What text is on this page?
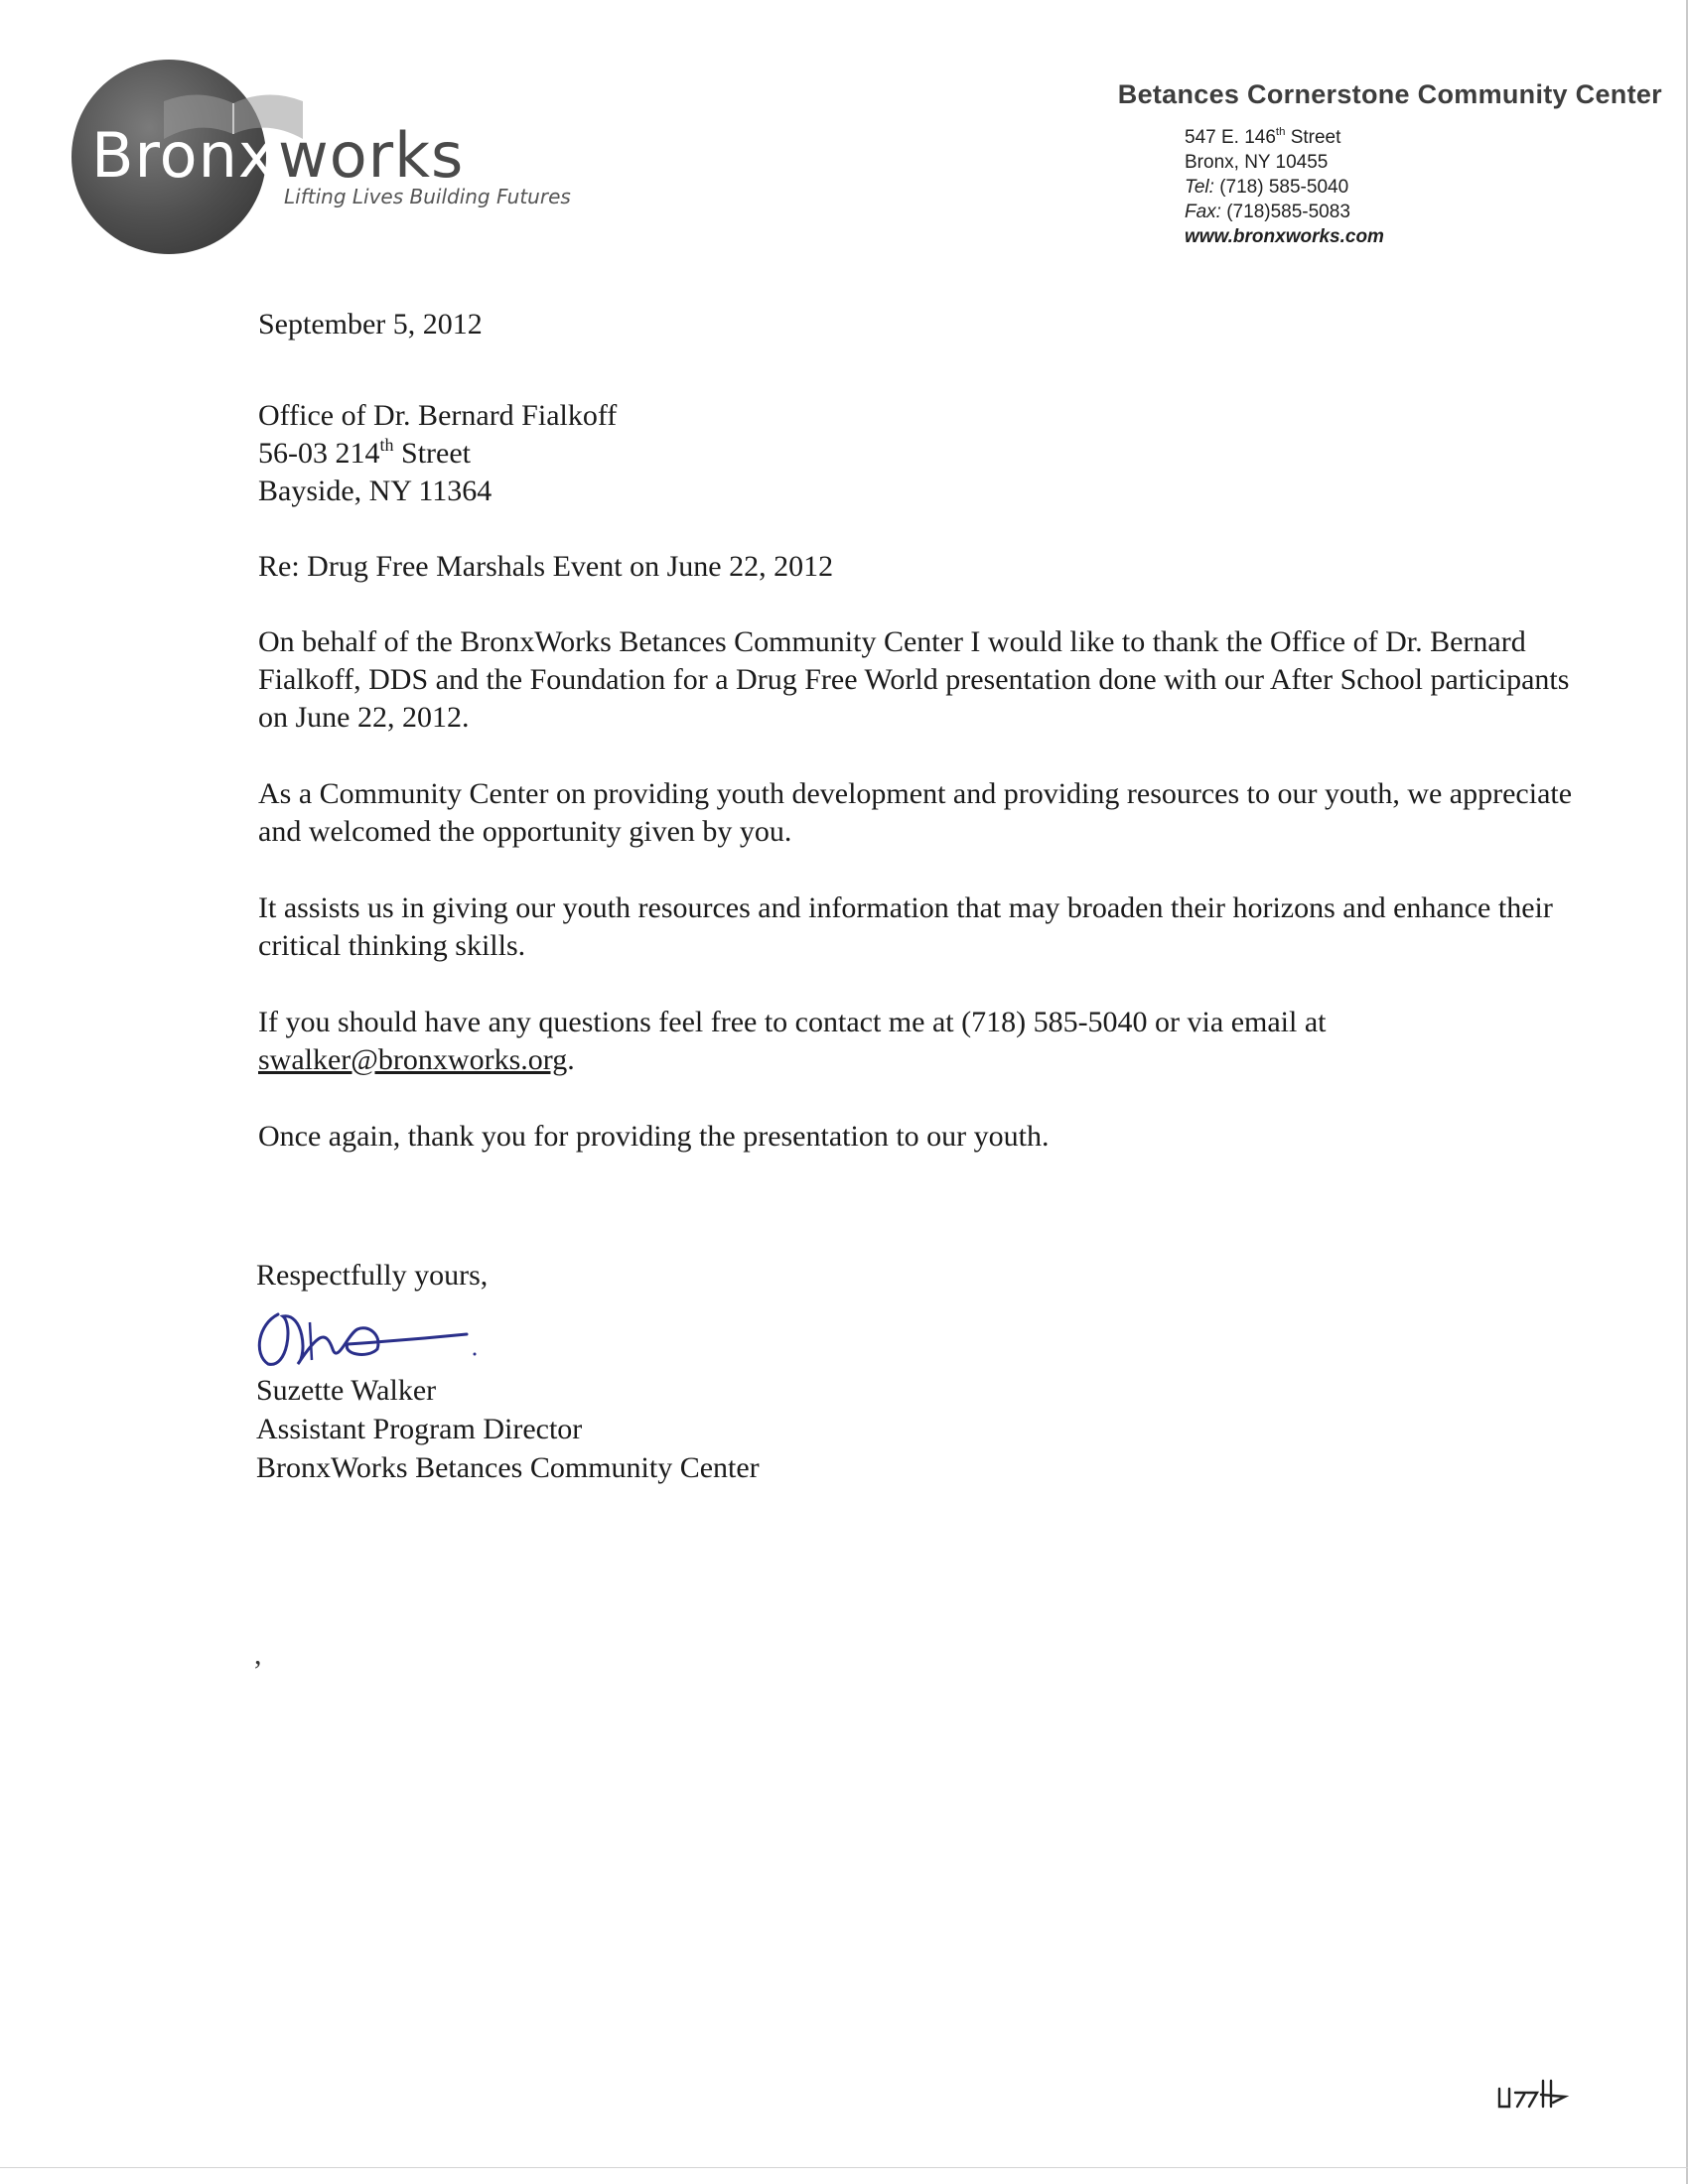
Bronx works
Lifting Lives Building Futures
Betances Cornerstone Community Center
547 E. 146th Street
Bronx, NY 10455
Tel: (718) 585-5040
Fax: (718)585-5083
www.bronxworks.com

September 5, 2012

Office of Dr. Bernard Fialkoff

56-03 214th Street

Bayside, NY 11364

Re: Drug Free Marshals Event on June 22, 2012

On behalf of the BronxWorks Betances Community Center I would like to thank the Office of Dr. Bernard Fialkoff, DDS and the Foundation for a Drug Free World presentation done with our After School participants on June 22, 2012.

As a Community Center on providing youth development and providing resources to our youth, we appreciate and welcomed the opportunity given by you.

It assists us in giving our youth resources and information that may broaden their horizons and enhance their critical thinking skills.

If you should have any questions feel free to contact me at (718) 585-5040 or via email at swalker@bronxworks.org.

Once again, thank you for providing the presentation to our youth.

Respectfully yours,

Suzette Walker

Assistant Program Director

BronxWorks Betances Community Center

,
